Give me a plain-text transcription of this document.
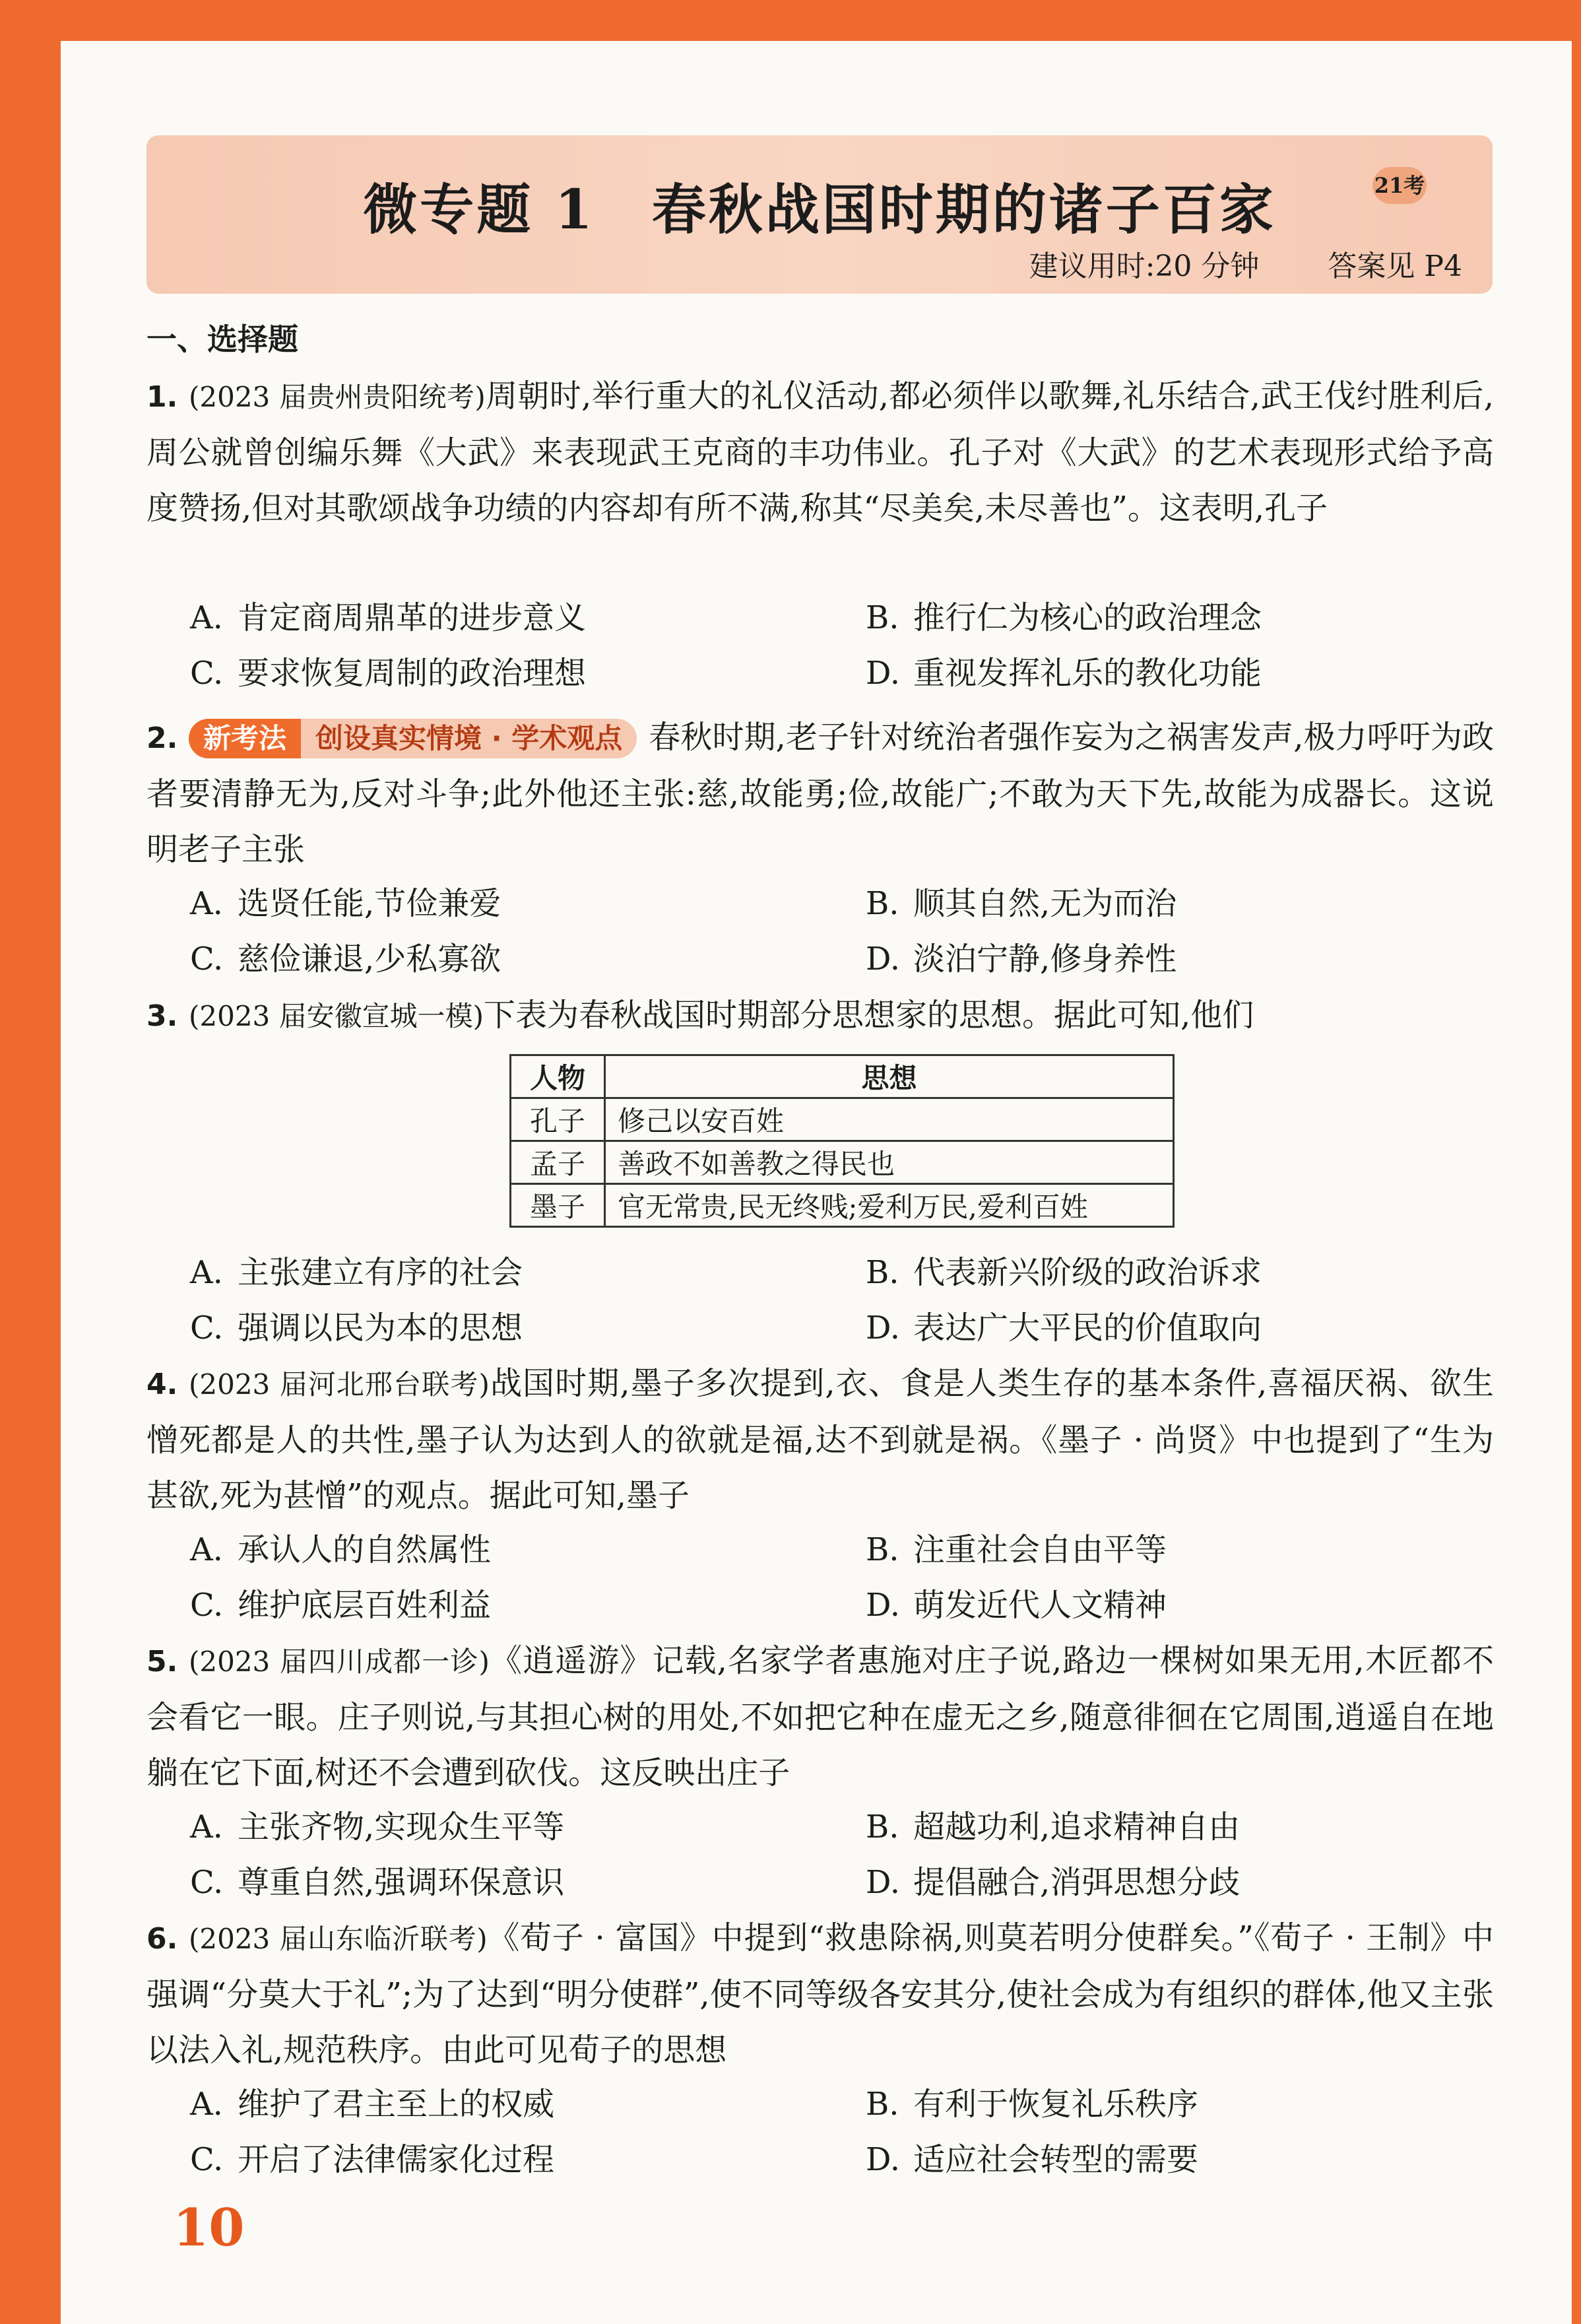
微专题 1　春秋战国时期的诸子百家	21考
建议用时:20 分钟 答案见 P4
一、选择题
1. (2023 届贵州贵阳统考)周朝时,举行重大的礼仪活动,都必须伴以歌舞,礼乐结合,武王伐纣胜利后,周公就曾创编乐舞《大武》来表现武王克商的丰功伟业。孔子对《大武》的艺术表现形式给予高度赞扬,但对其歌颂战争功绩的内容却有所不满,称其“尽美矣,未尽善也”。这表明,孔子
A. 肯定商周鼎革的进步意义	B. 推行仁为核心的政治理念
C. 要求恢复周制的政治理想	D. 重视发挥礼乐的教化功能
2. 新考法 创设真实情境 · 学术观点 春秋时期,老子针对统治者强作妄为之祸害发声,极力呼吁为政者要清静无为,反对斗争;此外他还主张:慈,故能勇;俭,故能广;不敢为天下先,故能为成器长。这说明老子主张
A. 选贤任能,节俭兼爱	B. 顺其自然,无为而治
C. 慈俭谦退,少私寡欲	D. 淡泊宁静,修身养性
3. (2023 届安徽宣城一模)下表为春秋战国时期部分思想家的思想。据此可知,他们
人物	思想
孔子	修己以安百姓
孟子	善政不如善教之得民也
墨子	官无常贵,民无终贱;爱利万民,爱利百姓
A. 主张建立有序的社会	B. 代表新兴阶级的政治诉求
C. 强调以民为本的思想	D. 表达广大平民的价值取向
4. (2023 届河北邢台联考)战国时期,墨子多次提到,衣、食是人类生存的基本条件,喜福厌祸、欲生憎死都是人的共性,墨子认为达到人的欲就是福,达不到就是祸。《墨子 · 尚贤》中也提到了“生为甚欲,死为甚憎”的观点。据此可知,墨子
A. 承认人的自然属性	B. 注重社会自由平等
C. 维护底层百姓利益	D. 萌发近代人文精神
5. (2023 届四川成都一诊)《逍遥游》记载,名家学者惠施对庄子说,路边一棵树如果无用,木匠都不会看它一眼。庄子则说,与其担心树的用处,不如把它种在虚无之乡,随意徘徊在它周围,逍遥自在地躺在它下面,树还不会遭到砍伐。这反映出庄子
A. 主张齐物,实现众生平等	B. 超越功利,追求精神自由
C. 尊重自然,强调环保意识	D. 提倡融合,消弭思想分歧
6. (2023 届山东临沂联考)《荀子 · 富国》中提到“救患除祸,则莫若明分使群矣。”《荀子 · 王制》中强调“分莫大于礼”;为了达到“明分使群”,使不同等级各安其分,使社会成为有组织的群体,他又主张以法入礼,规范秩序。由此可见荀子的思想
A. 维护了君主至上的权威	B. 有利于恢复礼乐秩序
C. 开启了法律儒家化过程	D. 适应社会转型的需要
10
